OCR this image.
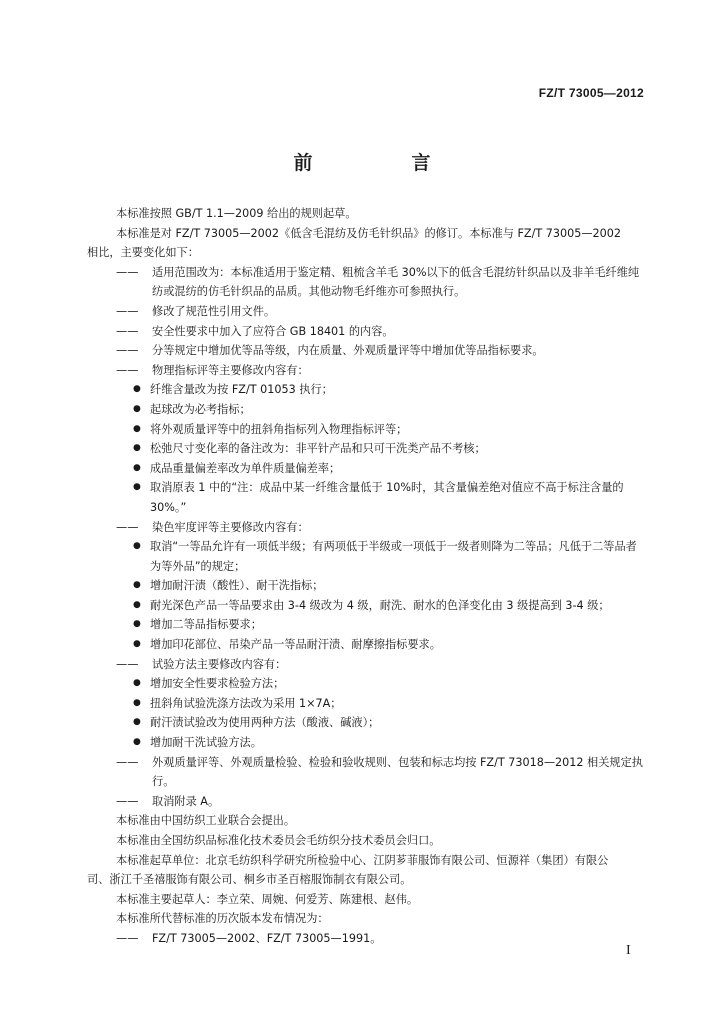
FZ/T 73005—2012
前　言

本标准按照 GB/T 1.1—2009 给出的规则起草。

本标准是对 FZ/T 73005—2002《低含毛混纺及仿毛针织品》的修订。本标准与 FZ/T 73005—2002

相比，主要变化如下：

—— 适用范围改为：本标准适用于鉴定精、粗梳含羊毛 30%以下的低含毛混纺针织品以及非羊毛纤维纯纺或混纺的仿毛针织品的品质。其他动物毛纤维亦可参照执行。

—— 修改了规范性引用文件。

—— 安全性要求中加入了应符合 GB 18401 的内容。

—— 分等规定中增加优等品等级，内在质量、外观质量评等中增加优等品指标要求。

—— 物理指标评等主要修改内容有：

● 纤维含量改为按 FZ/T 01053 执行；

● 起球改为必考指标；

● 将外观质量评等中的扭斜角指标列入物理指标评等；

● 松弛尺寸变化率的备注改为：非平针产品和只可干洗类产品不考核；

● 成品重量偏差率改为单件质量偏差率；

● 取消原表 1 中的“注：成品中某一纤维含量低于 10%时，其含量偏差绝对值应不高于标注含量的 30%。”

—— 染色牢度评等主要修改内容有：

● 取消“一等品允许有一项低半级；有两项低于半级或一项低于一级者则降为二等品；凡低于二等品者为等外品”的规定；

● 增加耐汗渍（酸性）、耐干洗指标；

● 耐光深色产品一等品要求由 3-4 级改为 4 级，耐洗、耐水的色泽变化由 3 级提高到 3-4 级；

● 增加二等品指标要求；

● 增加印花部位、吊染产品一等品耐汗渍、耐摩擦指标要求。

—— 试验方法主要修改内容有：

● 增加安全性要求检验方法；

● 扭斜角试验洗涤方法改为采用 1×7A；

● 耐汗渍试验改为使用两种方法（酸液、碱液）；

● 增加耐干洗试验方法。

—— 外观质量评等、外观质量检验、检验和验收规则、包装和标志均按 FZ/T 73018—2012 相关规定执行。

—— 取消附录 A。

本标准由中国纺织工业联合会提出。

本标准由全国纺织品标准化技术委员会毛纺织分技术委员会归口。

本标准起草单位：北京毛纺织科学研究所检验中心、江阴芗菲服饰有限公司、恒源祥（集团）有限公

司、浙江千圣禧服饰有限公司、桐乡市圣百榕服饰制衣有限公司。

本标准主要起草人：李立荣、周婉、何爱芳、陈建根、赵伟。

本标准所代替标准的历次版本发布情况为：

—— FZ/T 73005—2002、FZ/T 73005—1991。

I
